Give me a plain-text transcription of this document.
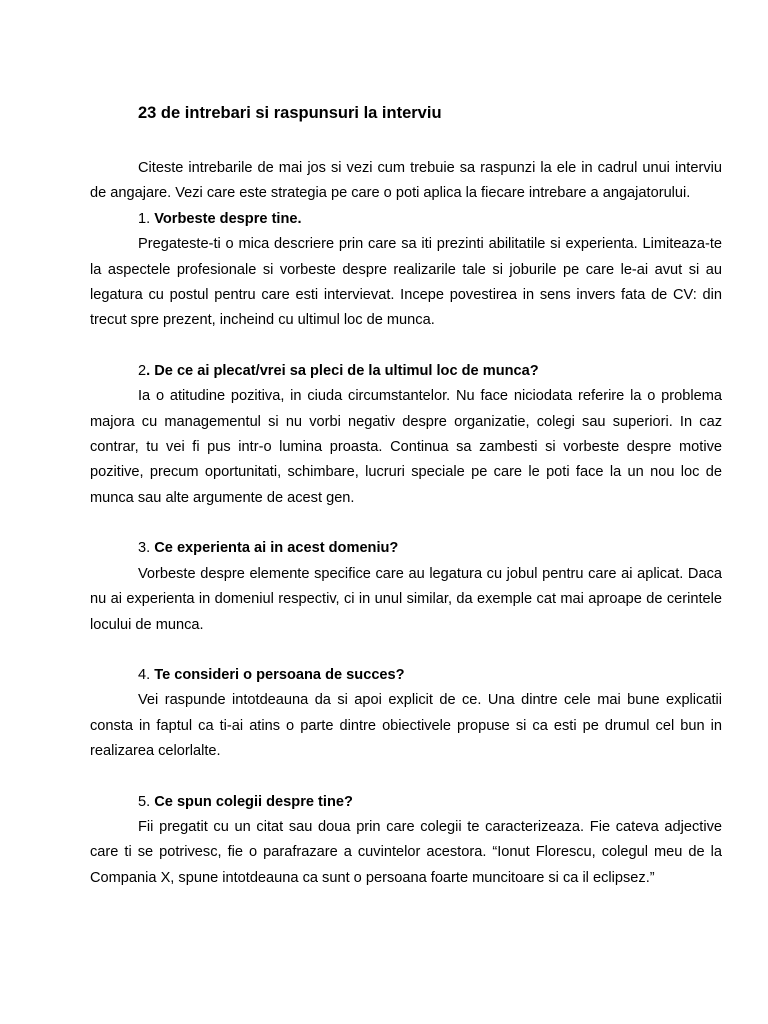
23 de intrebari si raspunsuri la interviu

Citeste intrebarile de mai jos si vezi cum trebuie sa raspunzi la ele in cadrul unui interviu de angajare. Vezi care este strategia pe care o poti aplica la fiecare intrebare a angajatorului.

1. Vorbeste despre tine.

Pregateste-ti o mica descriere prin care sa iti prezinti abilitatile si experienta. Limiteaza-te la aspectele profesionale si vorbeste despre realizarile tale si joburile pe care le-ai avut si au legatura cu postul pentru care esti intervievat. Incepe povestirea in sens invers fata de CV: din trecut spre prezent, incheind cu ultimul loc de munca.

2. De ce ai plecat/vrei sa pleci de la ultimul loc de munca?

Ia o atitudine pozitiva, in ciuda circumstantelor. Nu face niciodata referire la o problema majora cu managementul si nu vorbi negativ despre organizatie, colegi sau superiori. In caz contrar, tu vei fi pus intr-o lumina proasta. Continua sa zambesti si vorbeste despre motive pozitive, precum oportunitati, schimbare, lucruri speciale pe care le poti face la un nou loc de munca sau alte argumente de acest gen.

3. Ce experienta ai in acest domeniu?

Vorbeste despre elemente specifice care au legatura cu jobul pentru care ai aplicat. Daca nu ai experienta in domeniul respectiv, ci in unul similar, da exemple cat mai aproape de cerintele locului de munca.

4. Te consideri o persoana de succes?

Vei raspunde intotdeauna da si apoi explicit de ce. Una dintre cele mai bune explicatii consta in faptul ca ti-ai atins o parte dintre obiectivele propuse si ca esti pe drumul cel bun in realizarea celorlalte.

5. Ce spun colegii despre tine?

Fii pregatit cu un citat sau doua prin care colegii te caracterizeaza. Fie cateva adjective care ti se potrivesc, fie o parafrazare a cuvintelor acestora. “Ionut Florescu, colegul meu de la Compania X, spune intotdeauna ca sunt o persoana foarte muncitoare si ca il eclipsez.”
